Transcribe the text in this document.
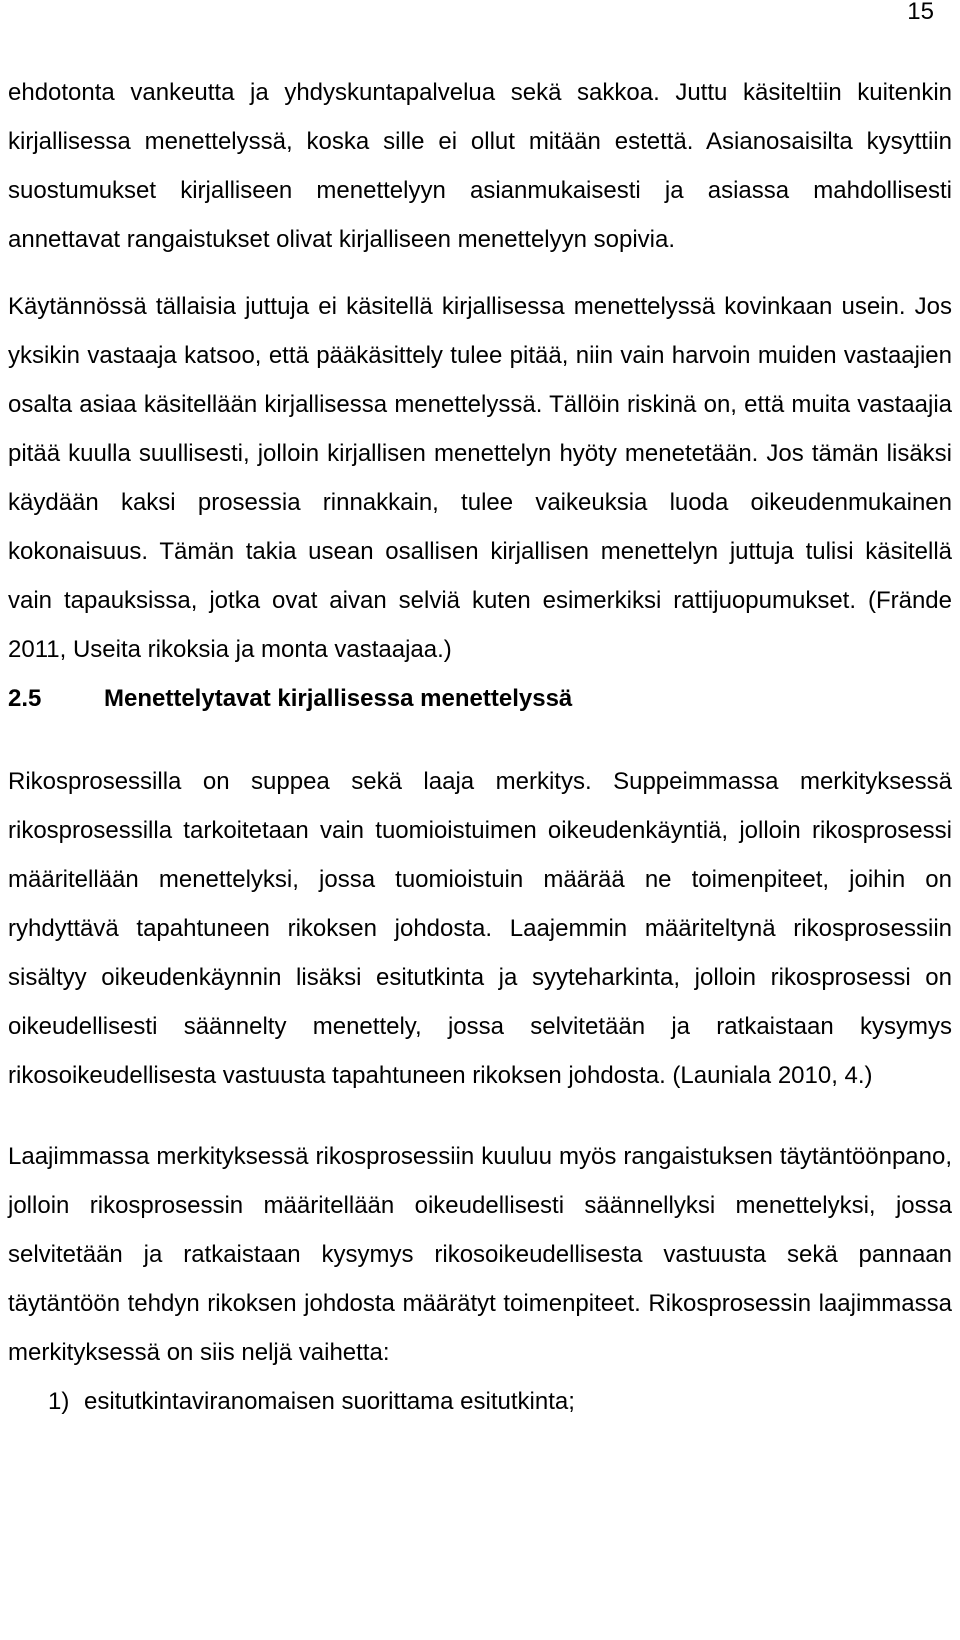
15

ehdotonta vankeutta ja yhdyskuntapalvelua sekä sakkoa. Juttu käsiteltiin kuitenkin kirjallisessa menettelyssä, koska sille ei ollut mitään estettä. Asianosaisilta kysyttiin suostumukset kirjalliseen menettelyyn asianmukaisesti ja asiassa mahdollisesti annettavat rangaistukset olivat kirjalliseen menettelyyn sopivia.

Käytännössä tällaisia juttuja ei käsitellä kirjallisessa menettelyssä kovinkaan usein. Jos yksikin vastaaja katsoo, että pääkäsittely tulee pitää, niin vain harvoin muiden vastaajien osalta asiaa käsitellään kirjallisessa menettelyssä. Tällöin riskinä on, että muita vastaajia pitää kuulla suullisesti, jolloin kirjallisen menettelyn hyöty menetetään. Jos tämän lisäksi käydään kaksi prosessia rinnakkain, tulee vaikeuksia luoda oikeudenmukainen kokonaisuus. Tämän takia usean osallisen kirjallisen menettelyn juttuja tulisi käsitellä vain tapauksissa, jotka ovat aivan selviä kuten esimerkiksi rattijuopumukset. (Frände 2011, Useita rikoksia ja monta vastaajaa.)

2.5	Menettelytavat kirjallisessa menettelyssä

Rikosprosessilla on suppea sekä laaja merkitys. Suppeimmassa merkityksessä rikosprosessilla tarkoitetaan vain tuomioistuimen oikeudenkäyntiä, jolloin rikosprosessi määritellään menettelyksi, jossa tuomioistuin määrää ne toimenpiteet, joihin on ryhdyttävä tapahtuneen rikoksen johdosta. Laajemmin määriteltynä rikosprosessiin sisältyy oikeudenkäynnin lisäksi esitutkinta ja syyteharkinta, jolloin rikosprosessi on oikeudellisesti säännelty menettely, jossa selvitetään ja ratkaistaan kysymys rikosoikeudellisesta vastuusta tapahtuneen rikoksen johdosta. (Launiala 2010, 4.)

Laajimmassa merkityksessä rikosprosessiin kuuluu myös rangaistuksen täytäntöönpano, jolloin rikosprosessin määritellään oikeudellisesti säännellyksi menettelyksi, jossa selvitetään ja ratkaistaan kysymys rikosoikeudellisesta vastuusta sekä pannaan täytäntöön tehdyn rikoksen johdosta määrätyt toimenpiteet. Rikosprosessin laajimmassa merkityksessä on siis neljä vaihetta:

1) esitutkintaviranomaisen suorittama esitutkinta;
